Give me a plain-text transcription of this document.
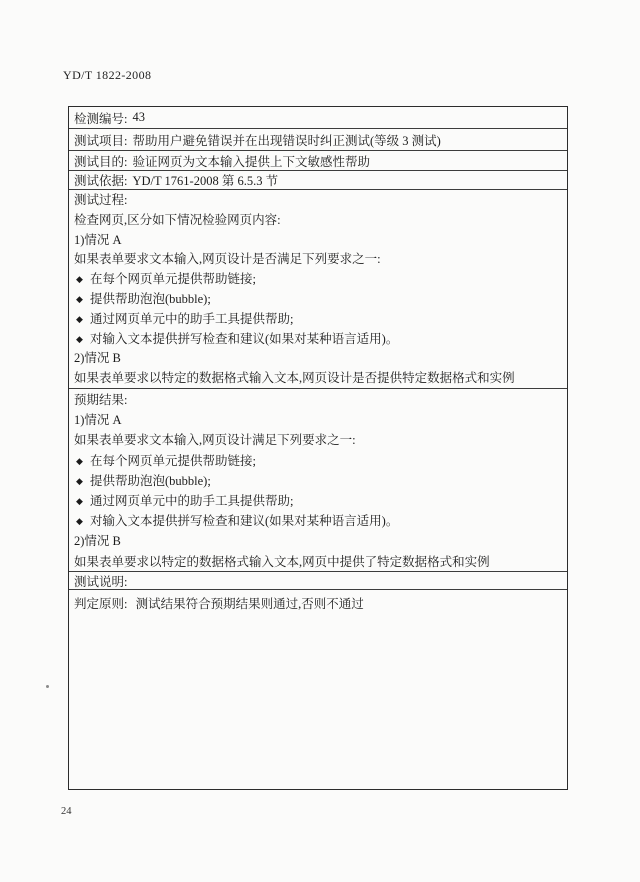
YD/T 1822-2008
检测编号: 43
测试项目: 帮助用户避免错误并在出现错误时纠正测试(等级 3 测试)
测试目的: 验证网页为文本输入提供上下文敏感性帮助
测试依据: YD/T 1761-2008 第 6.5.3 节
测试过程:
检查网页,区分如下情况检验网页内容:
1)情况 A
如果表单要求文本输入,网页设计是否满足下列要求之一:
◆ 在每个网页单元提供帮助链接;
◆ 提供帮助泡泡(bubble);
◆ 通过网页单元中的助手工具提供帮助;
◆ 对输入文本提供拼写检查和建议(如果对某种语言适用)。
2)情况 B
如果表单要求以特定的数据格式输入文本,网页设计是否提供特定数据格式和实例
预期结果:
1)情况 A
如果表单要求文本输入,网页设计满足下列要求之一:
◆ 在每个网页单元提供帮助链接;
◆ 提供帮助泡泡(bubble);
◆ 通过网页单元中的助手工具提供帮助;
◆ 对输入文本提供拼写检查和建议(如果对某种语言适用)。
2)情况 B
如果表单要求以特定的数据格式输入文本,网页中提供了特定数据格式和实例
测试说明:
判定原则: 测试结果符合预期结果则通过,否则不通过
24
